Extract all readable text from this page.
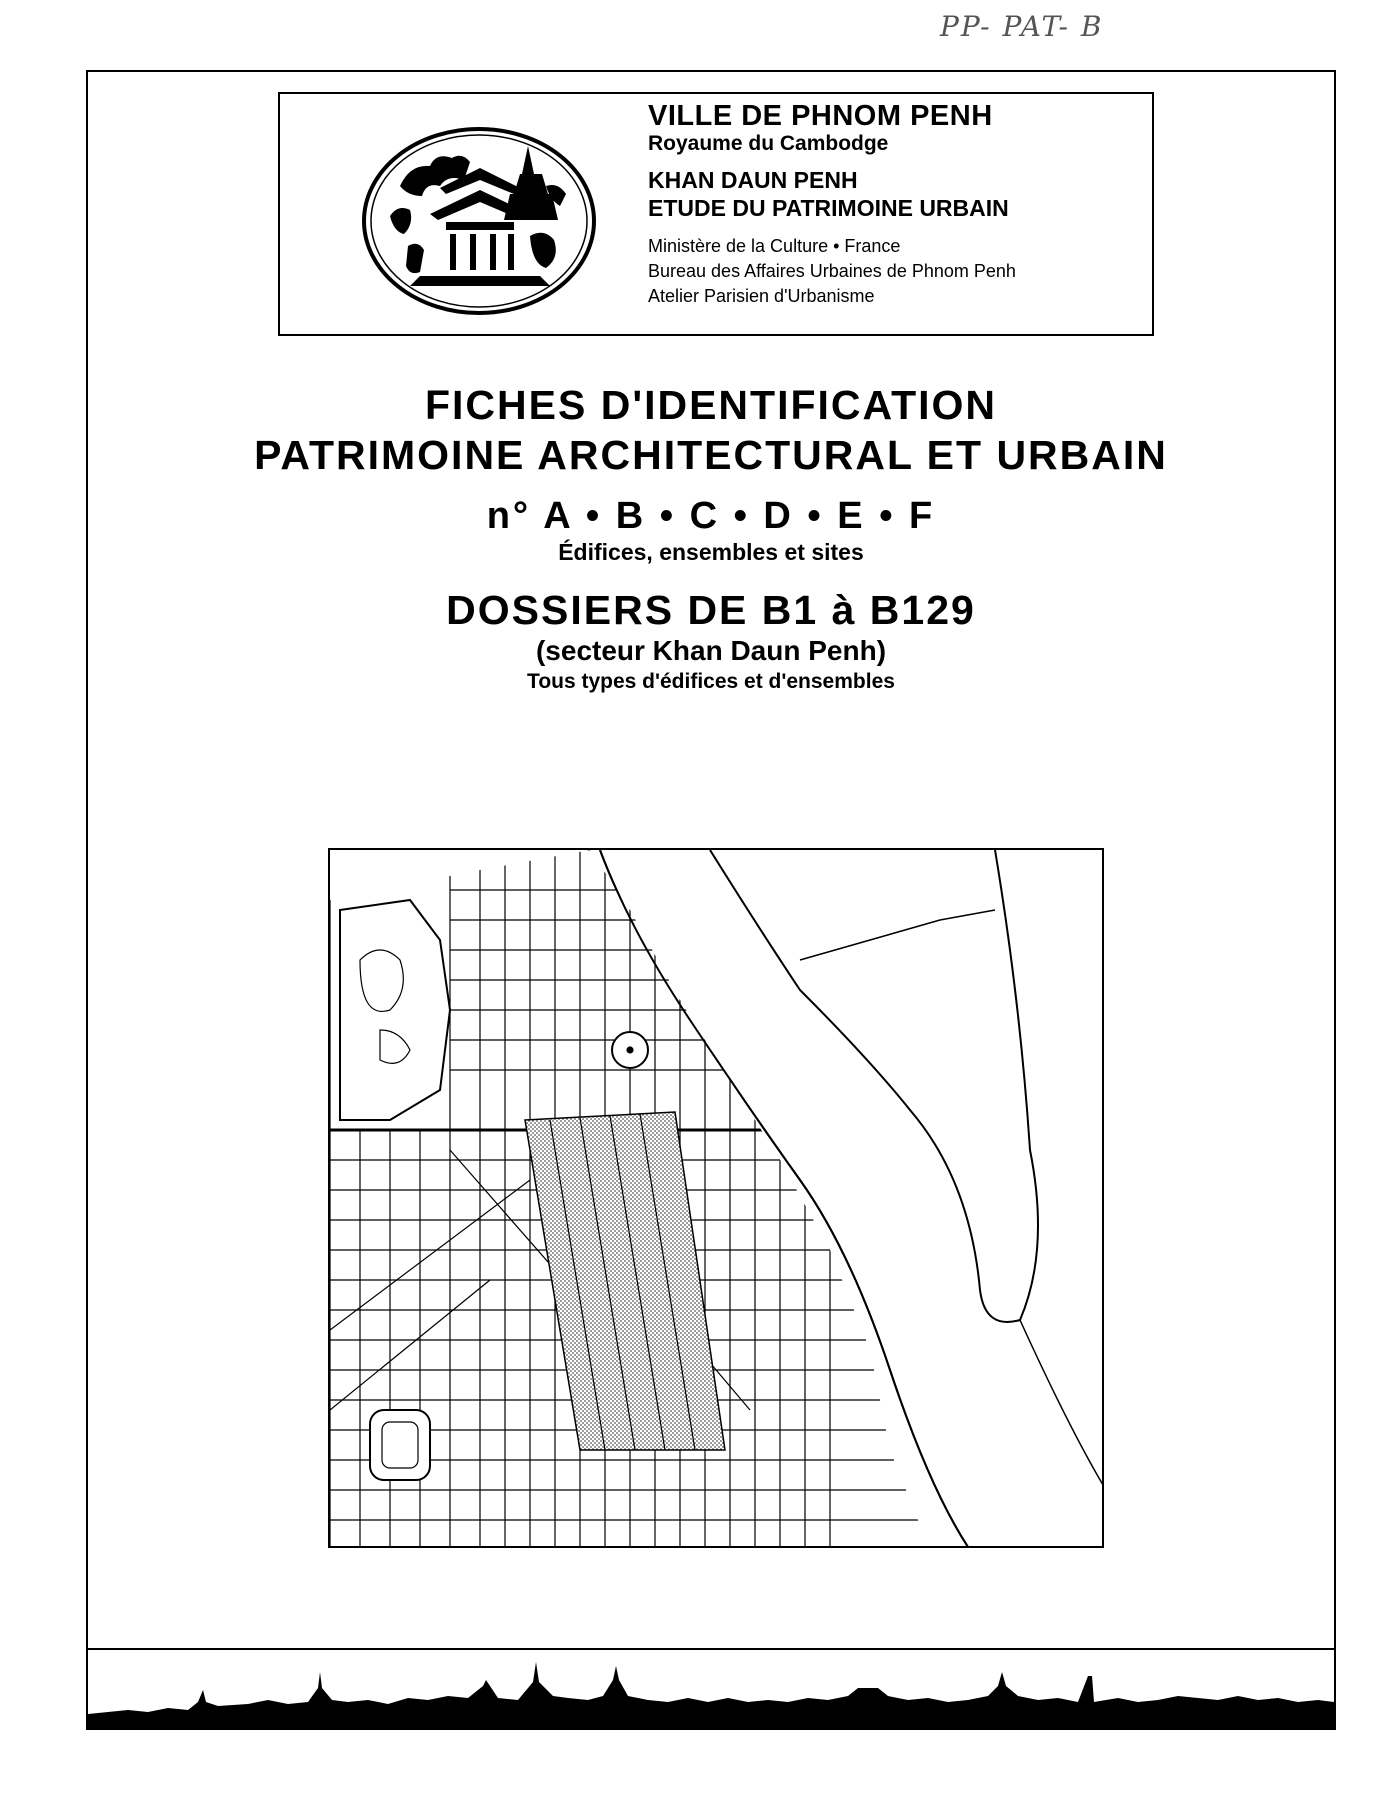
PP- PAT- B
VILLE DE PHNOM PENH
Royaume du Cambodge
KHAN DAUN PENH
ETUDE DU PATRIMOINE URBAIN
Ministère de la Culture • France
Bureau des Affaires Urbaines de Phnom Penh
Atelier Parisien d'Urbanisme
FICHES D'IDENTIFICATION
PATRIMOINE ARCHITECTURAL ET URBAIN
n° A • B • C • D • E • F
Édifices, ensembles et sites
DOSSIERS DE B1 à B129
(secteur Khan Daun Penh)
Tous types d'édifices et d'ensembles
